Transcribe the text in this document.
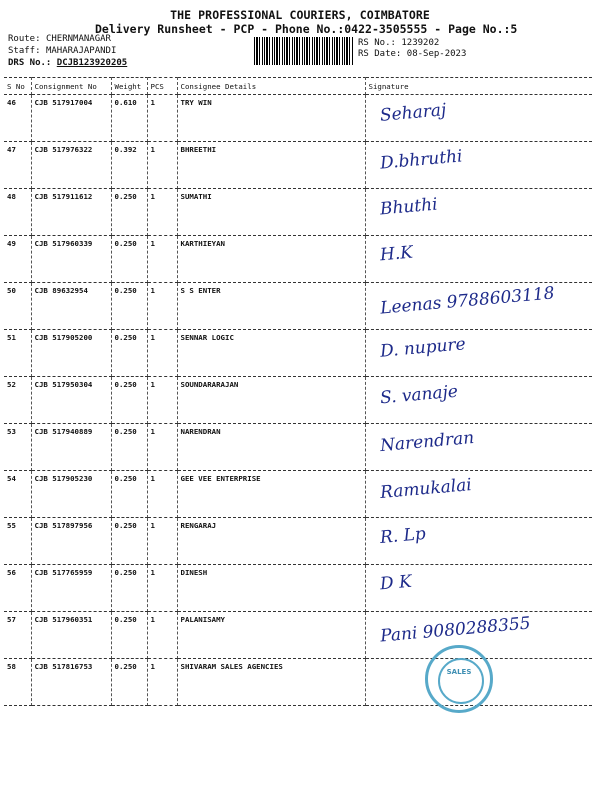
THE PROFESSIONAL COURIERS, COIMBATORE
Delivery Runsheet - PCP - Phone No.:0422-3505555 - Page No.:5
Route: CHERNMANAGAR
Staff: MAHARAJAPANDI
DRS No.: DCJB123920205
RS No.: 1239202
RS Date: 08-Sep-2023
S No	Consignment No	Weight	PCS	Consignee Details	Signature
46	CJB 517917004	0.610	1	TRY WIN	Seharaj

47	CJB 517976322	0.392	1	BHREETHI	D.bhruthi

48	CJB 517911612	0.250	1	SUMATHI	Bhuthi

49	CJB 517960339	0.250	1	KARTHIEYAN	H.K

50	CJB 89632954	0.250	1	S S ENTER	Leenas 9788603118

51	CJB 517905200	0.250	1	SENNAR LOGIC	D. nupure

52	CJB 517950304	0.250	1	SOUNDARARAJAN	S. vanaje

53	CJB 517940889	0.250	1	NARENDRAN	Narendran

54	CJB 517905230	0.250	1	GEE VEE ENTERPRISE	Ramukalai

55	CJB 517897956	0.250	1	RENGARAJ	R. Lp

56	CJB 517765959	0.250	1	DINESH	D K

57	CJB 517960351	0.250	1	PALANISAMY	Pani 9080288355

58	CJB 517816753	0.250	1	SHIVARAM SALES AGENCIES	
SALES
